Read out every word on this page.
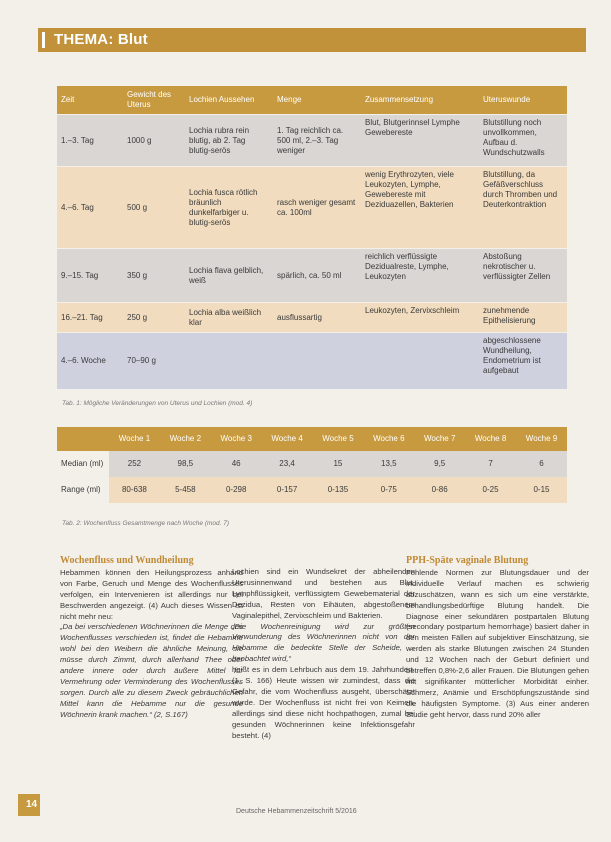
THEMA: Blut
Zeit	Gewicht des Uterus	Lochien Aussehen	Menge	Zusammensetzung	Uteruswunde
1.–3. Tag	1000 g	Lochia rubra rein blutig, ab 2. Tag blutig-serös	1. Tag reichlich ca. 500 ml, 2.–3. Tag weniger	Blut, Blutgerinnsel Lymphe Gewebereste	Blutstillung noch unvollkommen, Aufbau d. Wundschutzwalls
4.–6. Tag	500 g	Lochia fusca rötlich bräunlich dunkelfarbiger u. blutig-serös	rasch weniger gesamt ca. 100ml	wenig Erythrozyten, viele Leukozyten, Lymphe, Gewebereste mit Deziduazellen, Bakterien	Blutstillung, da Gefäßverschluss durch Thromben und Deuterkontraktion
9.–15. Tag	350 g	Lochia flava gelblich, weiß	spärlich, ca. 50 ml	reichlich verflüssigte Dezidualreste, Lymphe, Leukozyten	Abstoßung nekrotischer u. verflüssigter Zellen
16.–21. Tag	250 g	Lochia alba weißlich klar	ausflussartig	Leukozyten, Zervixschleim	zunehmende Epithelisierung
4.–6. Woche	70–90 g				abgeschlossene Wundheilung, Endometrium ist aufgebaut
Tab. 1: Mögliche Veränderungen von Uterus und Lochien (mod. 4)
	Woche 1	Woche 2	Woche 3	Woche 4	Woche 5	Woche 6	Woche 7	Woche 8	Woche 9
Median (ml)	252	98,5	46	23,4	15	13,5	9,5	7	6
Range (ml)	80-638	5-458	0-298	0-157	0-135	0-75	0-86	0-25	0-15
Tab. 2: Wochenfluss Gesamtmenge nach Woche (mod. 7)
Wochenfluss und Wundheilung

Hebammen können den Heilungsprozess anhand von Farbe, Geruch und Menge des Wochenflusses verfolgen, ein Intervenieren ist allerdings nur bei Beschwerden angezeigt. (4) Auch dieses Wissen ist nicht mehr neu:

„Da bei verschiedenen Wöchnerinnen die Menge des Wochenflusses verschieden ist, findet die Hebamme wohl bei den Weibern die ähnliche Meinung, sie müsse durch Zimmt, durch allerhand Thee oder andere innere oder durch äußere Mittel für Vermehrung oder Verminderung des Wochenflusses sorgen. Durch alle zu diesem Zweck gebräuchlichen Mittel kann die Hebamme nur die gesunde Wöchnerin krank machen.“ (2, S.167)

Lochien sind ein Wundsekret der abheilenden Uterusinnenwand und bestehen aus Blut, Lymphflüssigkeit, verflüssigtem Gewebematerial der Dezidua, Resten von Eihäuten, abgestoßenem Vaginalepithel, Zervixschleim und Bakterien.

„Die Wochenreinigung wird zur größten Verwunderung des Wöchnerinnen nicht von der Hebamme die bedeckte Stelle der Scheide, ... beobachtet wird,“

heißt es in dem Lehrbuch aus dem 19. Jahrhundert. (1, S. 166) Heute wissen wir zumindest, dass die Gefahr, die vom Wochenfluss ausgeht, überschätzt wurde. Der Wochenfluss ist nicht frei von Keimen, allerdings sind diese nicht hochpathogen, zumal bei gesunden Wöchnerinnen keine Infektionsgefahr besteht. (4)

PPH-Späte vaginale Blutung

Fehlende Normen zur Blutungsdauer und der individuelle Verlauf machen es schwierig abzuschätzen, wann es sich um eine verstärkte, behandlungsbedürftige Blutung handelt. Die Diagnose einer sekundären postpartalen Blutung (secondary postpartum hemorrhage) basiert daher in den meisten Fällen auf subjektiver Einschätzung, sie werden als starke Blutungen zwischen 24 Stunden und 12 Wochen nach der Geburt definiert und betreffen 0,8%-2,6 aller Frauen. Die Blutungen gehen mit signifikanter mütterlicher Morbidität einher. Schmerz, Anämie und Erschöpfungszustände sind die häufigsten Symptome. (3) Aus einer anderen Studie geht hervor, dass rund 20% aller

14
Deutsche Hebammenzeitschrift 5/2016
